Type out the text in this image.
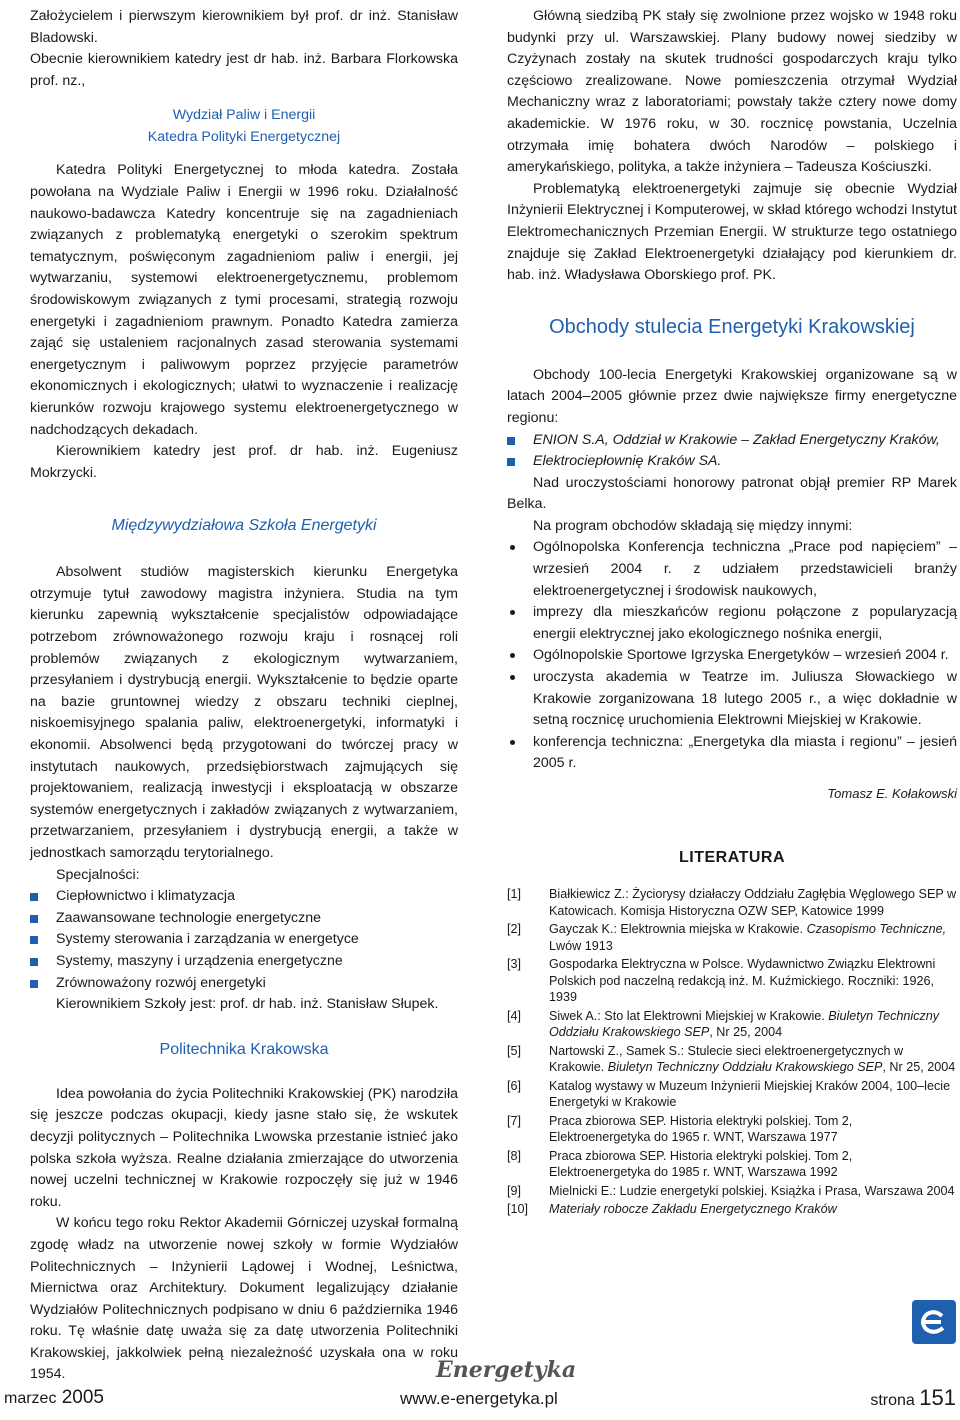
Założycielem i pierwszym kierownikiem był prof. dr inż. Stanisław Bladowski.

Obecnie kierownikiem katedry jest dr hab. inż. Barbara Florkowska prof. nz.,

Wydział Paliw i Energii
Katedra Polityki Energetycznej

Katedra Polityki Energetycznej to młoda katedra. Została powołana na Wydziale Paliw i Energii w 1996 roku. Działalność naukowo-badawcza Katedry koncentruje się na zagadnieniach związanych z problematyką energetyki o szerokim spektrum tematycznym, poświęconym zagadnieniom paliw i energii, jej wytwarzaniu, systemowi elektroenergetycznemu, problemom środowiskowym związanych z tymi procesami, strategią rozwoju energetyki i zagadnieniom prawnym. Ponadto Katedra zamierza zająć się ustaleniem racjonalnych zasad sterowania systemami energetycznym i paliwowym poprzez przyjęcie parametrów ekonomicznych i ekologicznych; ułatwi to wyznaczenie i realizację kierunków rozwoju krajowego systemu elektroenergetycznego w nadchodzących dekadach.

Kierownikiem katedry jest prof. dr hab. inż. Eugeniusz Mokrzycki.

Międzywydziałowa Szkoła Energetyki

Absolwent studiów magisterskich kierunku Energetyka otrzymuje tytuł zawodowy magistra inżyniera. Studia na tym kierunku zapewnią wykształcenie specjalistów odpowiadające potrzebom zrównoważonego rozwoju kraju i rosnącej roli problemów związanych z ekologicznym wytwarzaniem, przesyłaniem i dystrybucją energii. Wykształcenie to będzie oparte na bazie gruntownej wiedzy z obszaru techniki cieplnej, niskoemisyjnego spalania paliw, elektroenergetyki, informatyki i ekonomii. Absolwenci będą przygotowani do twórczej pracy w instytutach naukowych, przedsiębiorstwach zajmujących się projektowaniem, realizacją inwestycji i eksploatacją w obszarze systemów energetycznych i zakładów związanych z wytwarzaniem, przetwarzaniem, przesyłaniem i dystrybucją energii, a także w jednostkach samorządu terytorialnego.

Specjalności:

Ciepłownictwo i klimatyzacja
Zaawansowane technologie energetyczne
Systemy sterowania i zarządzania w energetyce
Systemy, maszyny i urządzenia energetyczne
Zrównoważony rozwój energetyki

Kierownikiem Szkoły jest: prof. dr hab. inż. Stanisław Słupek.

Politechnika Krakowska

Idea powołania do życia Politechniki Krakowskiej (PK) narodziła się jeszcze podczas okupacji, kiedy jasne stało się, że wskutek decyzji politycznych – Politechnika Lwowska przestanie istnieć jako polska szkoła wyższa. Realne działania zmierzające do utworzenia nowej uczelni technicznej w Krakowie rozpoczęły się już w 1946 roku.

W końcu tego roku Rektor Akademii Górniczej uzyskał formalną zgodę władz na utworzenie nowej szkoły w formie Wydziałów Politechnicznych – Inżynierii Lądowej i Wodnej, Leśnictwa, Miernictwa oraz Architektury. Dokument legalizujący działanie Wydziałów Politechnicznych podpisano w dniu 6 października 1946 roku. Tę właśnie datę uważa się za datę utworzenia Politechniki Krakowskiej, jakkolwiek pełną niezależność uzyskała ona w roku 1954.

Główną siedzibą PK stały się zwolnione przez wojsko w 1948 roku budynki przy ul. Warszawskiej. Plany budowy nowej siedziby w Czyżynach zostały na skutek trudności gospodarczych kraju tylko częściowo zrealizowane. Nowe pomieszczenia otrzymał Wydział Mechaniczny wraz z laboratoriami; powstały także cztery nowe domy akademickie. W 1976 roku, w 30. rocznicę powstania, Uczelnia otrzymała imię bohatera dwóch Narodów – polskiego i amerykańskiego, polityka, a także inżyniera – Tadeusza Kościuszki.

Problematyką elektroenergetyki zajmuje się obecnie Wydział Inżynierii Elektrycznej i Komputerowej, w skład którego wchodzi Instytut Elektromechanicznych Przemian Energii. W strukturze tego ostatniego znajduje się Zakład Elektroenergetyki działający pod kierunkiem dr. hab. inż. Władysława Oborskiego prof. PK.

Obchody stulecia Energetyki Krakowskiej

Obchody 100-lecia Energetyki Krakowskiej organizowane są w latach 2004–2005 głównie przez dwie największe firmy energetyczne regionu:

ENION S.A, Oddział w Krakowie – Zakład Energetyczny Kraków,
Elektrociepłownię Kraków SA.

Nad uroczystościami honorowy patronat objął premier RP Marek Belka.

Na program obchodów składają się między innymi:

Ogólnopolska Konferencja techniczna „Prace pod napięciem” – wrzesień 2004 r. z udziałem przedstawicieli branży elektroenergetycznej i środowisk naukowych,
imprezy dla mieszkańców regionu połączone z popularyzacją energii elektrycznej jako ekologicznego nośnika energii,
Ogólnopolskie Sportowe Igrzyska Energetyków – wrzesień 2004 r.
uroczysta akademia w Teatrze im. Juliusza Słowackiego w Krakowie zorganizowana 18 lutego 2005 r., a więc dokładnie w setną rocznicę uruchomienia Elektrowni Miejskiej w Krakowie.
konferencja techniczna: „Energetyka dla miasta i regionu” – jesień 2005 r.
Tomasz E. Kołakowski
LITERATURA
[1]	Białkiewicz Z.: Życiorysy działaczy Oddziału Zagłębia Węglowego SEP w Katowicach. Komisja Historyczna OZW SEP, Katowice 1999
[2]	Gayczak K.: Elektrownia miejska w Krakowie. Czasopismo Techniczne, Lwów 1913
[3]	Gospodarka Elektryczna w Polsce. Wydawnictwo Związku Elektrowni Polskich pod naczelną redakcją inż. M. Kuźmickiego. Roczniki: 1926, 1939
[4]	Siwek A.: Sto lat Elektrowni Miejskiej w Krakowie. Biuletyn Techniczny Oddziału Krakowskiego SEP, Nr 25, 2004
[5]	Nartowski Z., Samek S.: Stulecie sieci elektroenergetycznych w Krakowie. Biuletyn Techniczny Oddziału Krakowskiego SEP, Nr 25, 2004
[6]	Katalog wystawy w Muzeum Inżynierii Miejskiej Kraków 2004, 100–lecie Energetyki w Krakowie
[7]	Praca zbiorowa SEP. Historia elektryki polskiej. Tom 2, Elektroenergetyka do 1965 r. WNT, Warszawa 1977
[8]	Praca zbiorowa SEP. Historia elektryki polskiej. Tom 2, Elektroenergetyka do 1985 r. WNT, Warszawa 1992
[9]	Mielnicki E.: Ludzie energetyki polskiej. Książka i Prasa, Warszawa 2004
[10]	Materiały robocze Zakładu Energetycznego Kraków
Energetyka
marzec 2005	www.e-energetyka.pl	strona 151
